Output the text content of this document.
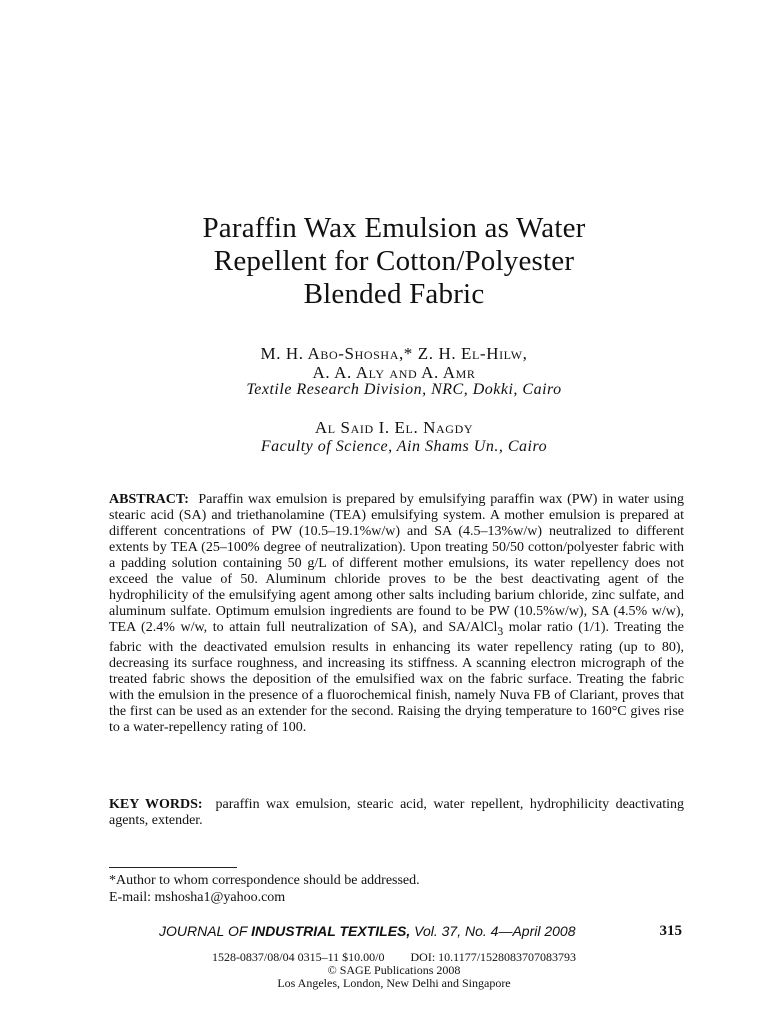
Paraffin Wax Emulsion as Water
Repellent for Cotton/Polyester
Blended Fabric
M. H. Abo-Shosha,* Z. H. El-Hilw,
A. A. Aly and A. Amr
Textile Research Division, NRC, Dokki, Cairo
Al Said I. El. Nagdy
Faculty of Science, Ain Shams Un., Cairo
ABSTRACT: Paraffin wax emulsion is prepared by emulsifying paraffin wax (PW) in water using stearic acid (SA) and triethanolamine (TEA) emulsifying system. A mother emulsion is prepared at different concentrations of PW (10.5–19.1%w/w) and SA (4.5–13%w/w) neutralized to different extents by TEA (25–100% degree of neutralization). Upon treating 50/50 cotton/polyester fabric with a padding solution containing 50 g/L of different mother emulsions, its water repellency does not exceed the value of 50. Aluminum chloride proves to be the best deactivating agent of the hydrophilicity of the emulsifying agent among other salts including barium chloride, zinc sulfate, and aluminum sulfate. Optimum emulsion ingredients are found to be PW (10.5%w/w), SA (4.5% w/w), TEA (2.4% w/w, to attain full neutralization of SA), and SA/AlCl$_3$ molar ratio (1/1). Treating the fabric with the deactivated emulsion results in enhancing its water repellency rating (up to 80), decreasing its surface roughness, and increasing its stiffness. A scanning electron micrograph of the treated fabric shows the deposition of the emulsified wax on the fabric surface. Treating the fabric with the emulsion in the presence of a fluorochemical finish, namely Nuva FB of Clariant, proves that the first can be used as an extender for the second. Raising the drying temperature to 160°C gives rise to a water-repellency rating of 100.
KEY WORDS: paraffin wax emulsion, stearic acid, water repellent, hydrophilicity deactivating agents, extender.
*Author to whom correspondence should be addressed.
E-mail: mshosha1@yahoo.com
JOURNAL OF INDUSTRIAL TEXTILES, Vol. 37, No. 4—April 2008	315
1528-0837/08/04 0315–11 $10.00/0 DOI: 10.1177/1528083707083793
© SAGE Publications 2008
Los Angeles, London, New Delhi and Singapore
